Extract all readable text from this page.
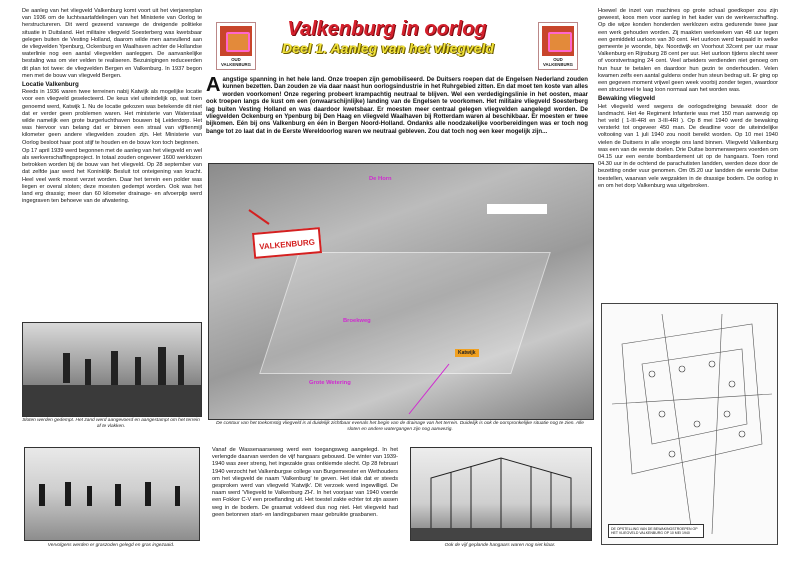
OUD VALKENBURG
OUD VALKENBURG
Valkenburg in oorlog
Deel 1. Aanleg van het vliegveld
A angstige spanning in het hele land. Onze troepen zijn gemobiliseerd. De Duitsers roepen dat de Engelsen Nederland zouden kunnen bezetten. Dan zouden ze via daar naast hun oorlogsindustrie in het Ruhrgebied zitten. En dat moet ten koste van alles worden voorkomen! Onze regering probeert krampachtig neutraal te blijven. Wel een verdedigingslinie in het oosten, maar ook troepen langs de kust om een (onwaarschijnlijke) landing van de Engelsen te voorkomen. Het militaire vliegveld Soesterberg lag buiten Vesting Holland en was daardoor kwetsbaar. Er moesten meer centraal gelegen vliegvelden aangelegd worden. De vliegvelden Ockenburg en Ypenburg bij Den Haag en vliegveld Waalhaven bij Rotterdam waren al beschikbaar. Er moesten er twee bijkomen. Eén bij ons Valkenburg en één in Bergen Noord-Holland. Ondanks alle noodzakelijke voorbereidingen was er toch nog bange tot zo laat dat in de Eerste Wereldoorlog waren we neutraal gebleven. Zou dat toch nog een keer mogelijk zijn...

De aanleg van het vliegveld Valkenburg komt voort uit het vierjarenplan van 1936 om de luchtvaartafdelingen van het Ministerie van Oorlog te herstructureren. Dit werd gezeend vanwege de dreigende politieke situatie in Duitsland. Het militaire vliegveld Soesterberg was kwetsbaar gelegen buiten de Vesting Holland, daarom wilde men aanvullend aan de vliegvelden Ypenburg, Ockenburg en Waalhaven achter de Hollandse waterlinie nog een aantal vliegvelden aanleggen. De aanvankelijke bestaling was om vier velden te realiseren. Bezuinigingen reduceerden dit plan tot twee: de vliegvelden Bergen en Valkenburg. In 1937 begon men met de bouw van vliegveld Bergen.

Locatie Valkenburg

Reeds in 1936 waren twee terreinen nabij Katwijk als mogelijke locatie voor een vliegveld geselecteerd. De keus viel uiteindelijk op, wat toen genoemd werd, Katwijk 1. Nu de locatie gekozen was betekende dit niet dat er verder geen problemen waren. Het ministerie van Waterstaat wilde namelijk een grote burgerluchthaven bouwen bij Leiderdorp. Het was hiervoor van belang dat er binnen een straal van vijftienmijl kilometer geen andere vliegvelden zouden zijn. Het Ministerie van Oorlog besloot haar poot stijf te houden en de bouw kon toch beginnen.

Op 17 april 1939 werd begonnen met de aanleg van het vliegveld en wel als werkverschaffingsproject. In totaal zouden ongeveer 1600 werklozen betrokken worden bij de bouw van het vliegveld. Op 28 september van dat zelfde jaar werd het Koninklijk Besluit tot onteigening van kracht. Heel veel werk moest verzet worden. Daar het terrein een polder was liegen er overal sloten; deze moesten gedempt worden. Ook was het land erg drassig; meer dan 60 kilometer drainage- en afvoerpijp werd ingegraven ten behoeve van de afwatering.

Sloten werden gedempt. Het zand werd aangevoerd en aangestampt om het terrein af te vlakken.
Vervolgens werden er graszoden gelegd en gras ingezaaid.
VALKENBURG
De Horn
Broekweg
Katwijk
Grote Wetering
De contour van het toekomstig vliegveld is al duidelijk zichtbaar evenals het begin van de drainage van het terrein. Duidelijk is ook de oorspronkelijke situatie nog te zien. Alle sloten en andere watergangen zijn nog aanwezig.

Vanaf de Wassenaarseweg werd een toegangsweg aangelegd. In het verlengde daarvan werden de vijf hangaars gebouwd. De winter van 1939-1940 was zeer streng, het ingezakte gras ontkiemde slecht. Op 28 februari 1940 verzocht het Valkenburgse college van Burgemeester en Wethouders om het vliegveld de naam 'Valkenburg' te geven. Het idak dat er steeds gesproken werd van vliegveld 'Katwijk'. Dit verzoek werd ingewilligd. De naam werd 'Vliegveld te Valkenburg ZH'. In het voorjaar van 1940 voerde een Fokker C-V een proeflanding uit. Het toestel zakte echter tot zijn assen weg in de bodem. De grasmat voldeed dus nog niet. Het vliegveld had geen betonnen start- en landingsbanen maar gebruikte grasbanen.

Ook de vijf geplande hangaars waren nog niet klaar.

Hoewel de inzet van machines op grote schaal goedkoper zou zijn geweest, koos men voor aanleg in het kader van de werkverschaffing. Op die wijze konden honderden werklozen extra gedurende twee jaar een werk gehouden worden. Zij maakten werkweken van 48 uur tegen een gemiddeld uurloon van 30 cent. Het uurloon werd bepaald in welke gemeente je woonde, bijv. Noordwijk en Voorhout 32cent per uur maar Valkenburg en Rijnsburg 28 cent per uur. Het uurloon tijdens slecht weer of voorstvertraging 24 cent. Veel arbeiders verdienden niet genoeg om hun huur te betalen en daardoor hun gezin te onderhouden. Velen kwamen zelfs een aantal guldens onder hun steun bedrag uit. Er ging op een gegeven moment vrijwel geen week voorbij zonder tegen, waardoor een structureel te laag loon normaal aan het worden was.

Bewaking vliegveld

Het vliegveld werd wegens de oorlogsdreiging bewaakt door de landmacht. Het 4e Regiment Infanterie was met 150 man aanwezig op het veld ( 1-III-4RI en 3-III-4RI ). Op 8 mei 1940 werd de bewaking versterkt tot ongeveer 450 man. De deadline voor de uiteindelijke voltooiing van 1 juli 1940 zou nooit bereikt worden. Op 10 mei 1940 vielen de Duitsers in alle vroegte ons land binnen. Vliegveld Valkenburg was een van de eerste doelen. Drie Duitse bommenwerpers voerden om 04.15 uur een eerste bombardement uit op de hangaars. Toen rond 04.30 uur in de ochtend de parachutisten landden, werden deze door de bezetting onder vuur genomen. Om 05.20 uur landden de eerste Duitse toestellen, waarvan vele wegzakten in de drassige bodem. De oorlog in en om het dorp Valkenburg was uitgebroken.

DE OPSTELLING VAN DE BEWAKINGSTROEPEN OP HET VLIEGVELD VALKENBURG OP 10 MEI 1940
